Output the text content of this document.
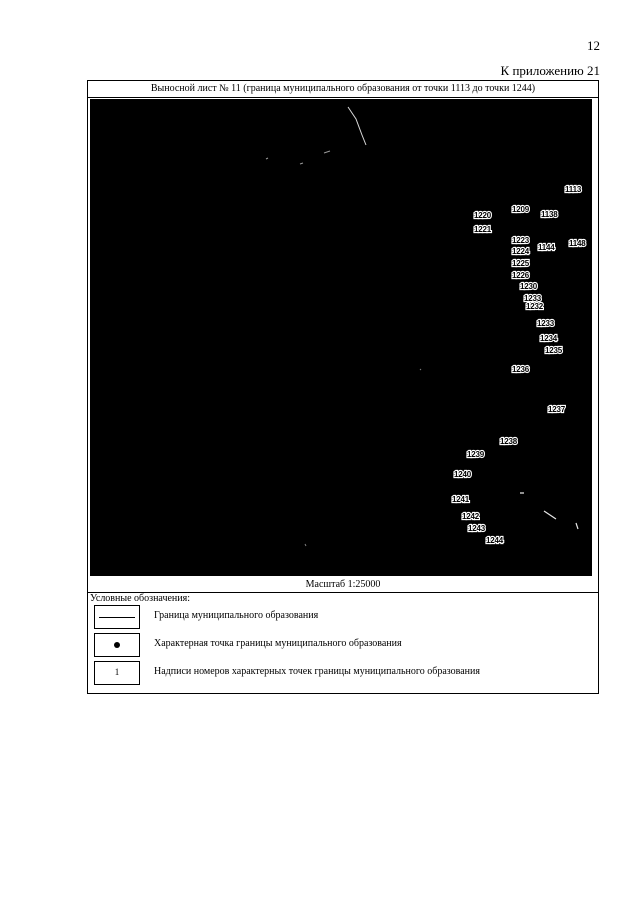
12
К приложению 21
Выносной лист № 11 (граница муниципального образования от точки 1113 до точки 1244)
1113
1209
1138
1220
1221
1223
1224 1144 1148
1225
1226
1230
1233
1232
1233
1234
1235
1236
1237
1238
1239
1240
1241
1242
1243
1244
Масштаб 1:25000
Условные обозначения:
Граница муниципального образования
Характерная точка границы муниципального образования
1	Надписи номеров характерных точек границы муниципального образования
